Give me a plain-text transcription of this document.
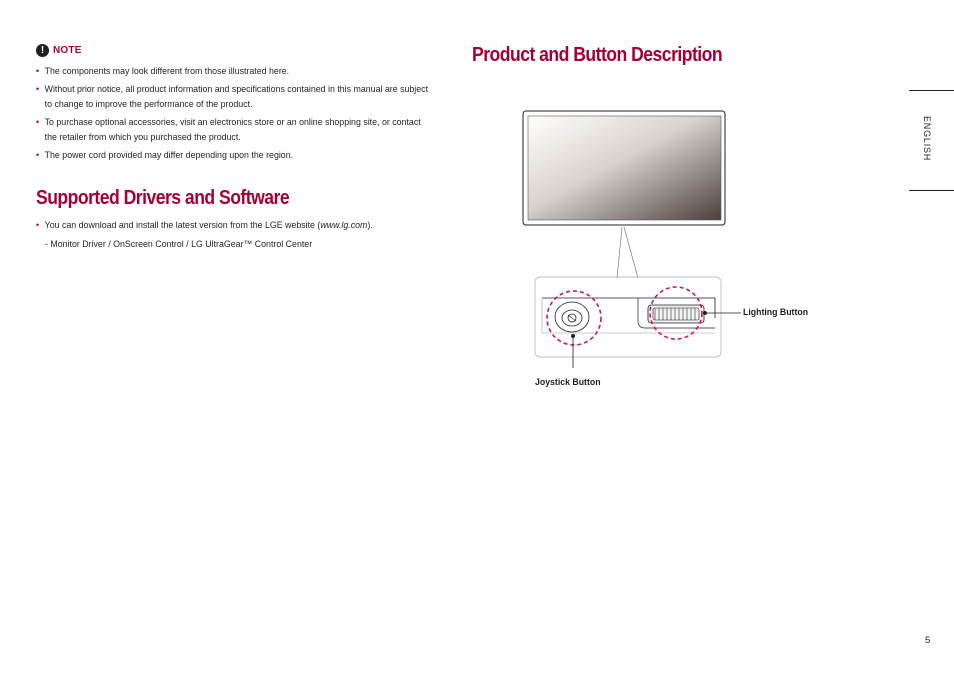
! NOTE
• The components may look different from those illustrated here.
• Without prior notice, all product information and specifications contained in this manual are subject to change to improve the performance of the product.
• To purchase optional accessories, visit an electronics store or an online shopping site, or contact the retailer from which you purchased the product.
• The power cord provided may differ depending upon the region.
Supported Drivers and Software
• You can download and install the latest version from the LGE website (www.lg.com).
- Monitor Driver / OnScreen Control / LG UltraGear™ Control Center
Product and Button Description
Lighting Button
Joystick Button
ENGLISH
5
